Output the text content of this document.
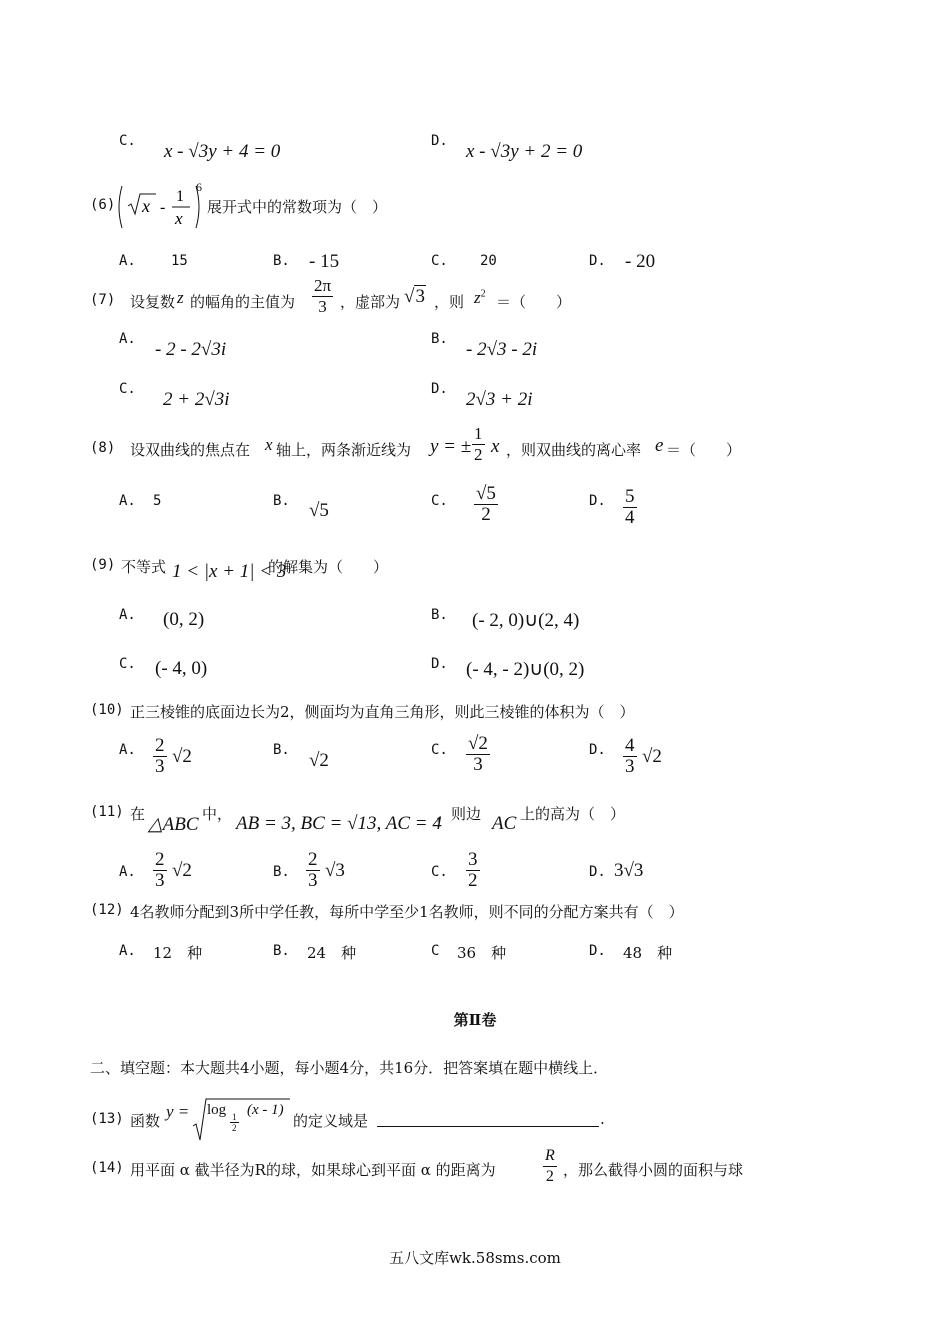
C. x - √3y + 4 = 0	D. x - √3y + 2 = 0
(6) x -
1
x
6
展开式中的常数项为（　）
A.	15	B. - 15	C. 20	D. - 20
(7) 设复数 z 的幅角的主值为 $\frac{2\pi}{3}$ ，虚部为 √3 ，则 $z^2$ ＝（　　）
A. - 2 - 2√3i	B. - 2√3 - 2i
C. 2 + 2√3i	D. 2√3 + 2i
(8) 设双曲线的焦点在 x 轴上，两条渐近线为 y = ± $\frac{1}{2}$ x ，则双曲线的离心率 e ＝（　　）
A. 5	B. √5	C. $\frac{√5}{2}$	D. $\frac{5}{4}$
(9) 不等式 1 < |x + 1| < 3
的解集为（　　）
A. (0, 2)	B. (- 2, 0)∪(2, 4)
C. (- 4, 0)	D. (- 4, - 2)∪(0, 2)
(10) 正三棱锥的底面边长为2，侧面均为直角三角形，则此三棱锥的体积为（　）
A. $\frac{2}{3} √2$	B. √2	C. $\frac{√2}{3}$	D. $\frac{4}{3} √2$
(11) 在 △ABC 中， AB = 3, BC = √13, AC = 4
，则边 AC 上的高为（　）
A. $\frac{2}{3} √2$	B. $\frac{2}{3} √3$	C. $\frac{3}{2}$	D. 3√3
(12) 4名教师分配到3所中学任教，每所中学至少1名教师，则不同的分配方案共有（　）
A. 12　种	B. 24　种	C 36　种	D. 48　种
第Ⅱ卷
二、填空题：本大题共4小题，每小题4分，共16分．把答案填在题中横线上．
(13) 函数 y = log
$\frac{1}{2}$
(x - 1)
的定义域是	.
(14) 用平面 α 截半径为R的球，如果球心到平面 α 的距离为	$\frac{R}{2}$ ，那么截得小圆的面积与球
五八文库wk.58sms.com
